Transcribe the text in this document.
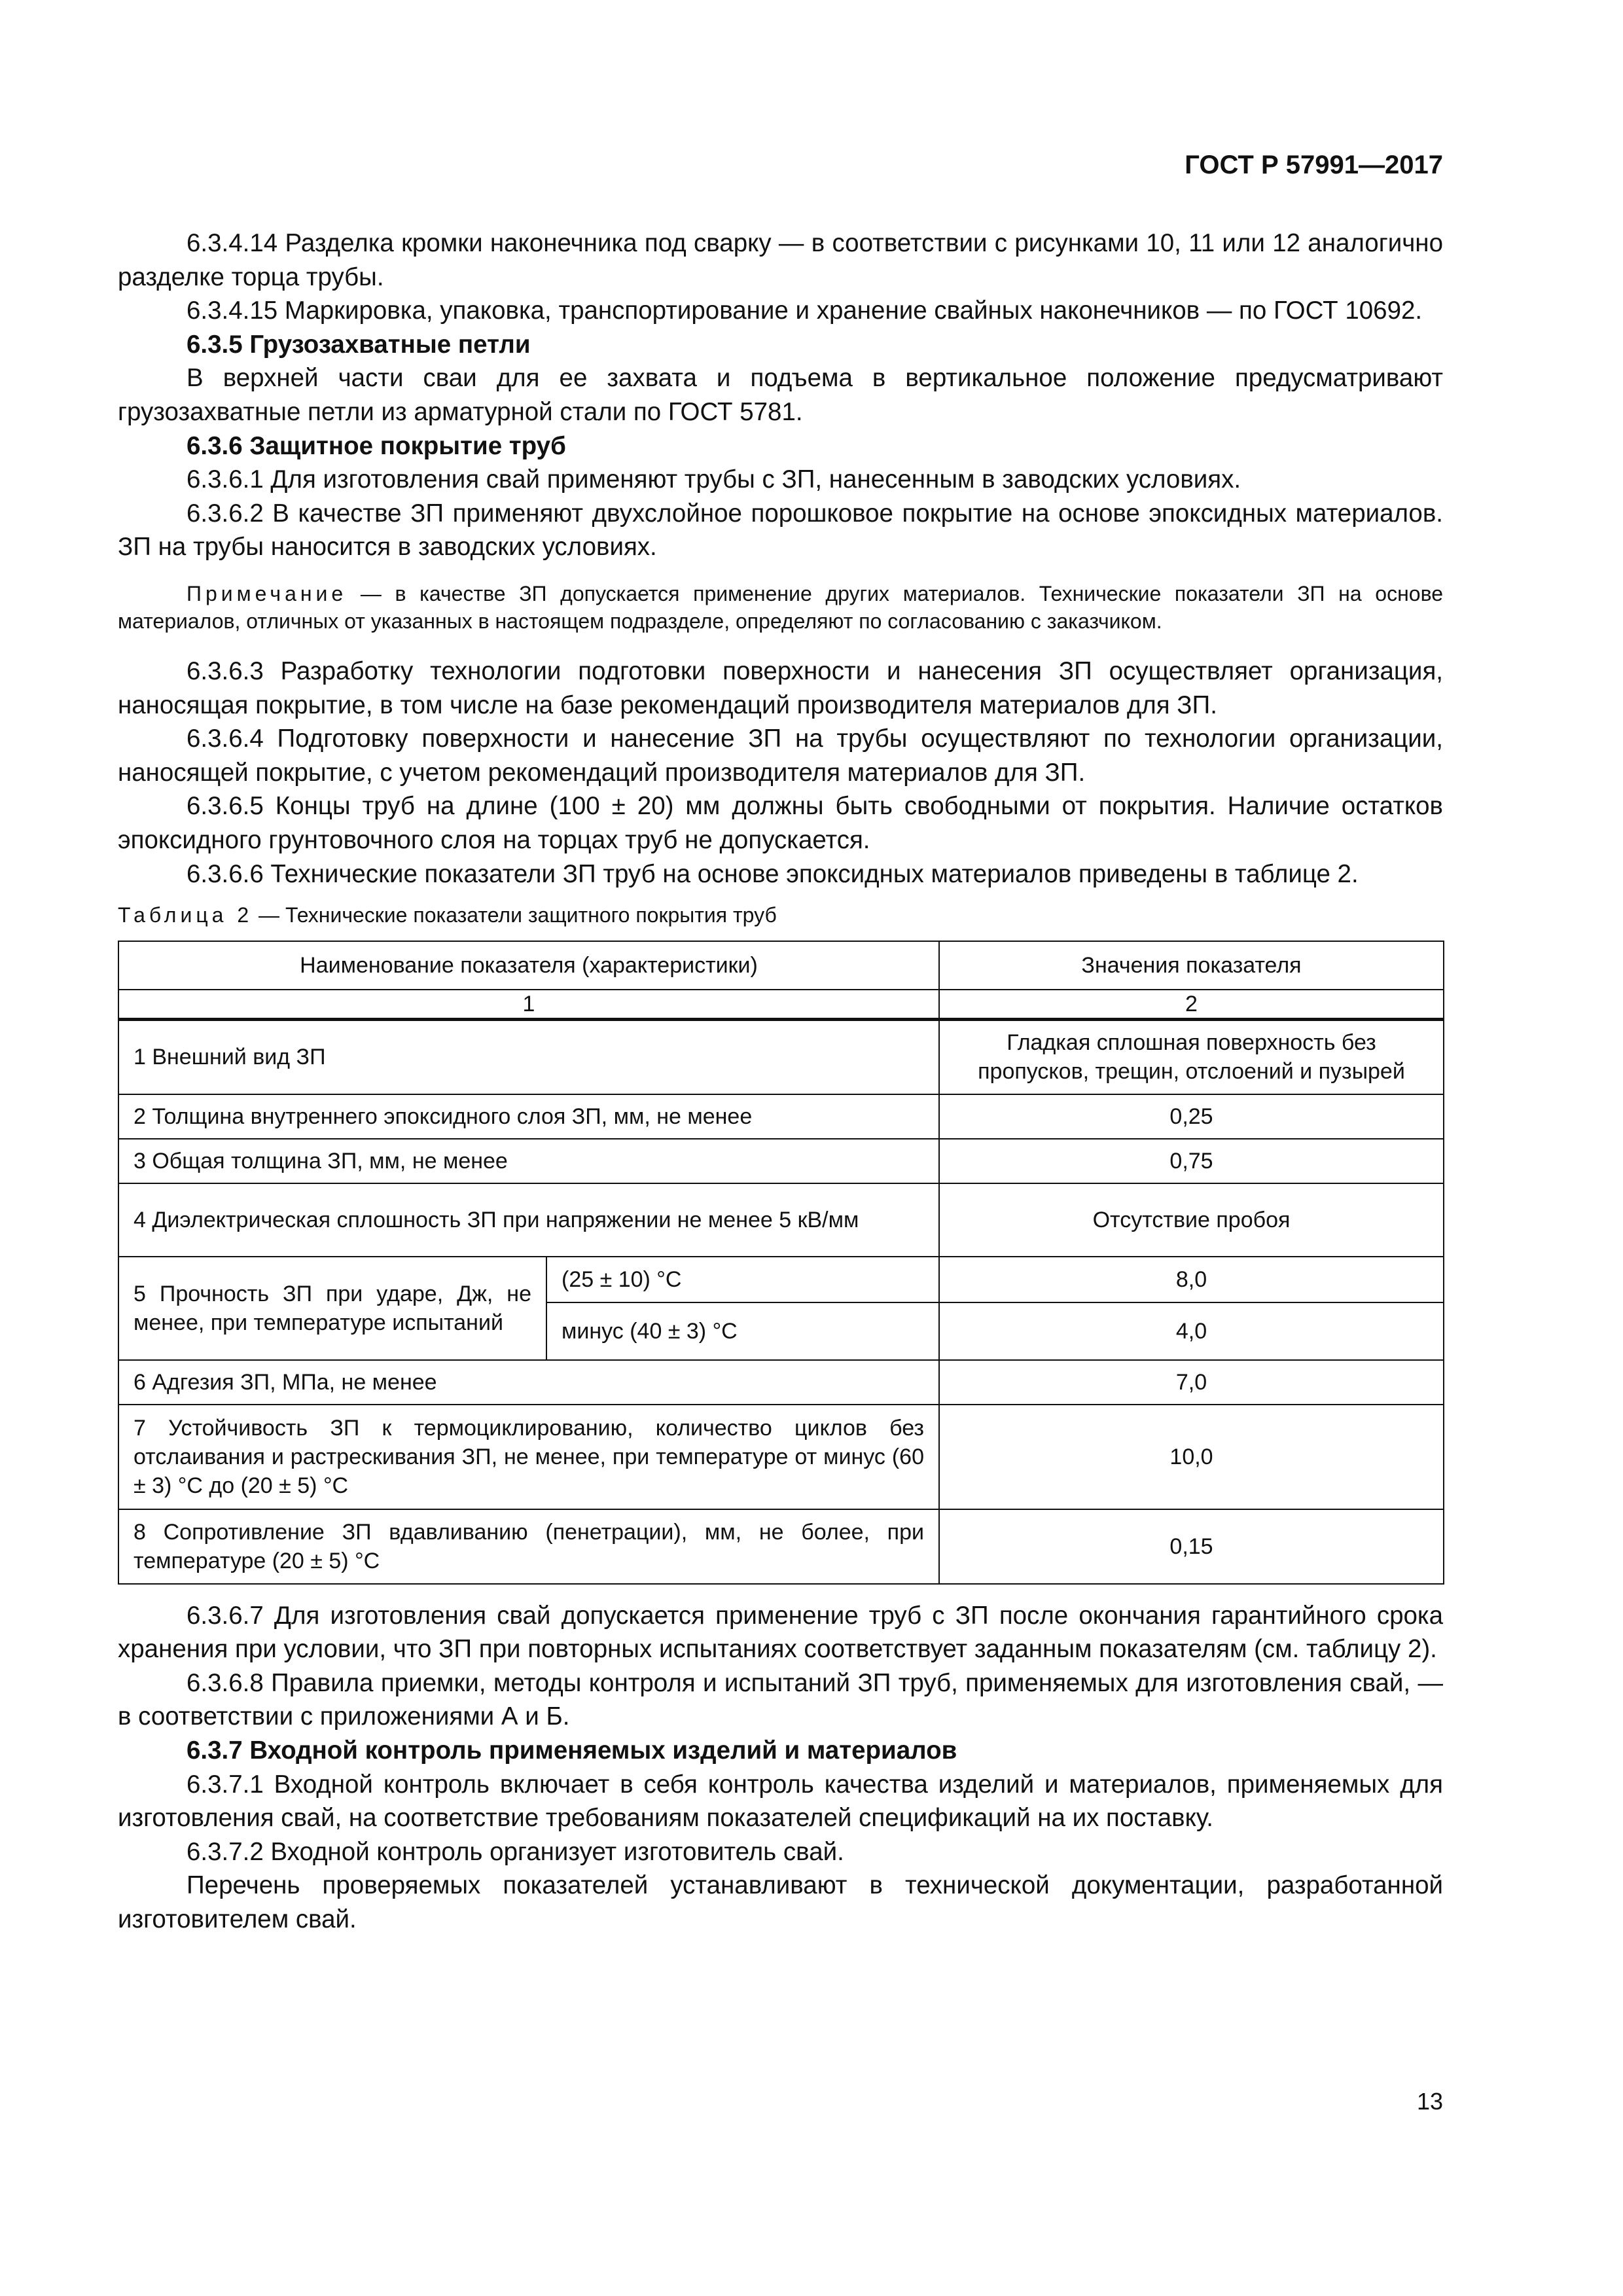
ГОСТ Р 57991—2017

6.3.4.14 Разделка кромки наконечника под сварку — в соответствии с рисунками 10, 11 или 12 аналогично разделке торца трубы.

6.3.4.15 Маркировка, упаковка, транспортирование и хранение свайных наконечников — по ГОСТ 10692.

6.3.5 Грузозахватные петли

В верхней части сваи для ее захвата и подъема в вертикальное положение предусматривают грузозахватные петли из арматурной стали по ГОСТ 5781.

6.3.6 Защитное покрытие труб

6.3.6.1 Для изготовления свай применяют трубы с ЗП, нанесенным в заводских условиях.

6.3.6.2 В качестве ЗП применяют двухслойное порошковое покрытие на основе эпоксидных материалов. ЗП на трубы наносится в заводских условиях.

Примечание — в качестве ЗП допускается применение других материалов. Технические показатели ЗП на основе материалов, отличных от указанных в настоящем подразделе, определяют по согласованию с заказчиком.

6.3.6.3 Разработку технологии подготовки поверхности и нанесения ЗП осуществляет организация, наносящая покрытие, в том числе на базе рекомендаций производителя материалов для ЗП.

6.3.6.4 Подготовку поверхности и нанесение ЗП на трубы осуществляют по технологии организации, наносящей покрытие, с учетом рекомендаций производителя материалов для ЗП.

6.3.6.5 Концы труб на длине (100 ± 20) мм должны быть свободными от покрытия. Наличие остатков эпоксидного грунтовочного слоя на торцах труб не допускается.

6.3.6.6 Технические показатели ЗП труб на основе эпоксидных материалов приведены в таблице 2.

Таблица 2 — Технические показатели защитного покрытия труб

Наименование показателя (характеристики)		Значения показателя
1		2
1 Внешний вид ЗП		Гладкая сплошная поверхность без пропусков, трещин, отслоений и пузырей
2 Толщина внутреннего эпоксидного слоя ЗП, мм, не менее		0,25
3 Общая толщина ЗП, мм, не менее		0,75
4 Диэлектрическая сплошность ЗП при напряжении не менее 5 кВ/мм		Отсутствие пробоя
5 Прочность ЗП при ударе, Дж, не менее, при температуре испытаний	(25 ± 10) °С	8,0
	минус (40 ± 3) °С	4,0
6 Адгезия ЗП, МПа, не менее		7,0
7 Устойчивость ЗП к термоциклированию, количество циклов без отслаивания и растрескивания ЗП, не менее, при температуре от минус (60 ± 3) °С до (20 ± 5) °С		10,0
8 Сопротивление ЗП вдавливанию (пенетрации), мм, не более, при температуре (20 ± 5) °С		0,15

6.3.6.7 Для изготовления свай допускается применение труб с ЗП после окончания гарантийного срока хранения при условии, что ЗП при повторных испытаниях соответствует заданным показателям (см. таблицу 2).

6.3.6.8 Правила приемки, методы контроля и испытаний ЗП труб, применяемых для изготовления свай, — в соответствии с приложениями А и Б.

6.3.7 Входной контроль применяемых изделий и материалов

6.3.7.1 Входной контроль включает в себя контроль качества изделий и материалов, применяемых для изготовления свай, на соответствие требованиям показателей спецификаций на их поставку.

6.3.7.2 Входной контроль организует изготовитель свай.

Перечень проверяемых показателей устанавливают в технической документации, разработанной изготовителем свай.

13
